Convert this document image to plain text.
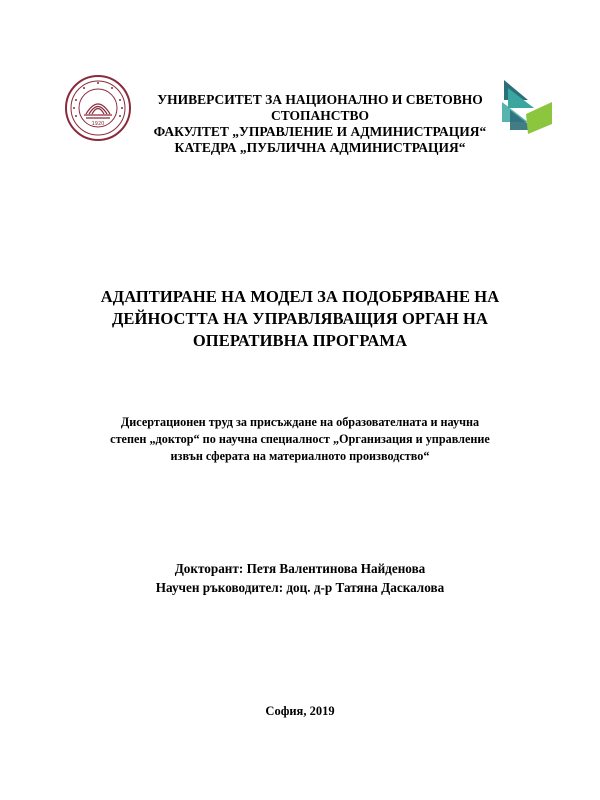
1920
УНИВЕРСИТЕТ ЗА НАЦИОНАЛНО И СВЕТОВНО
СТОПАНСТВО
ФАКУЛТЕТ „УПРАВЛЕНИЕ И АДМИНИСТРАЦИЯ“
КАТЕДРА „ПУБЛИЧНА АДМИНИСТРАЦИЯ“
АДАПТИРАНЕ НА МОДЕЛ ЗА ПОДОБРЯВАНЕ НА
ДЕЙНОСТТА НА УПРАВЛЯВАЩИЯ ОРГАН НА
ОПЕРАТИВНА ПРОГРАМА
Дисертационен труд за присъждане на образователната и научна
степен „доктор“ по научна специалност „Организация и управление
извън сферата на материалното производство“
Докторант: Петя Валентинова Найденова
Научен ръководител: доц. д-р Татяна Даскалова
София, 2019
